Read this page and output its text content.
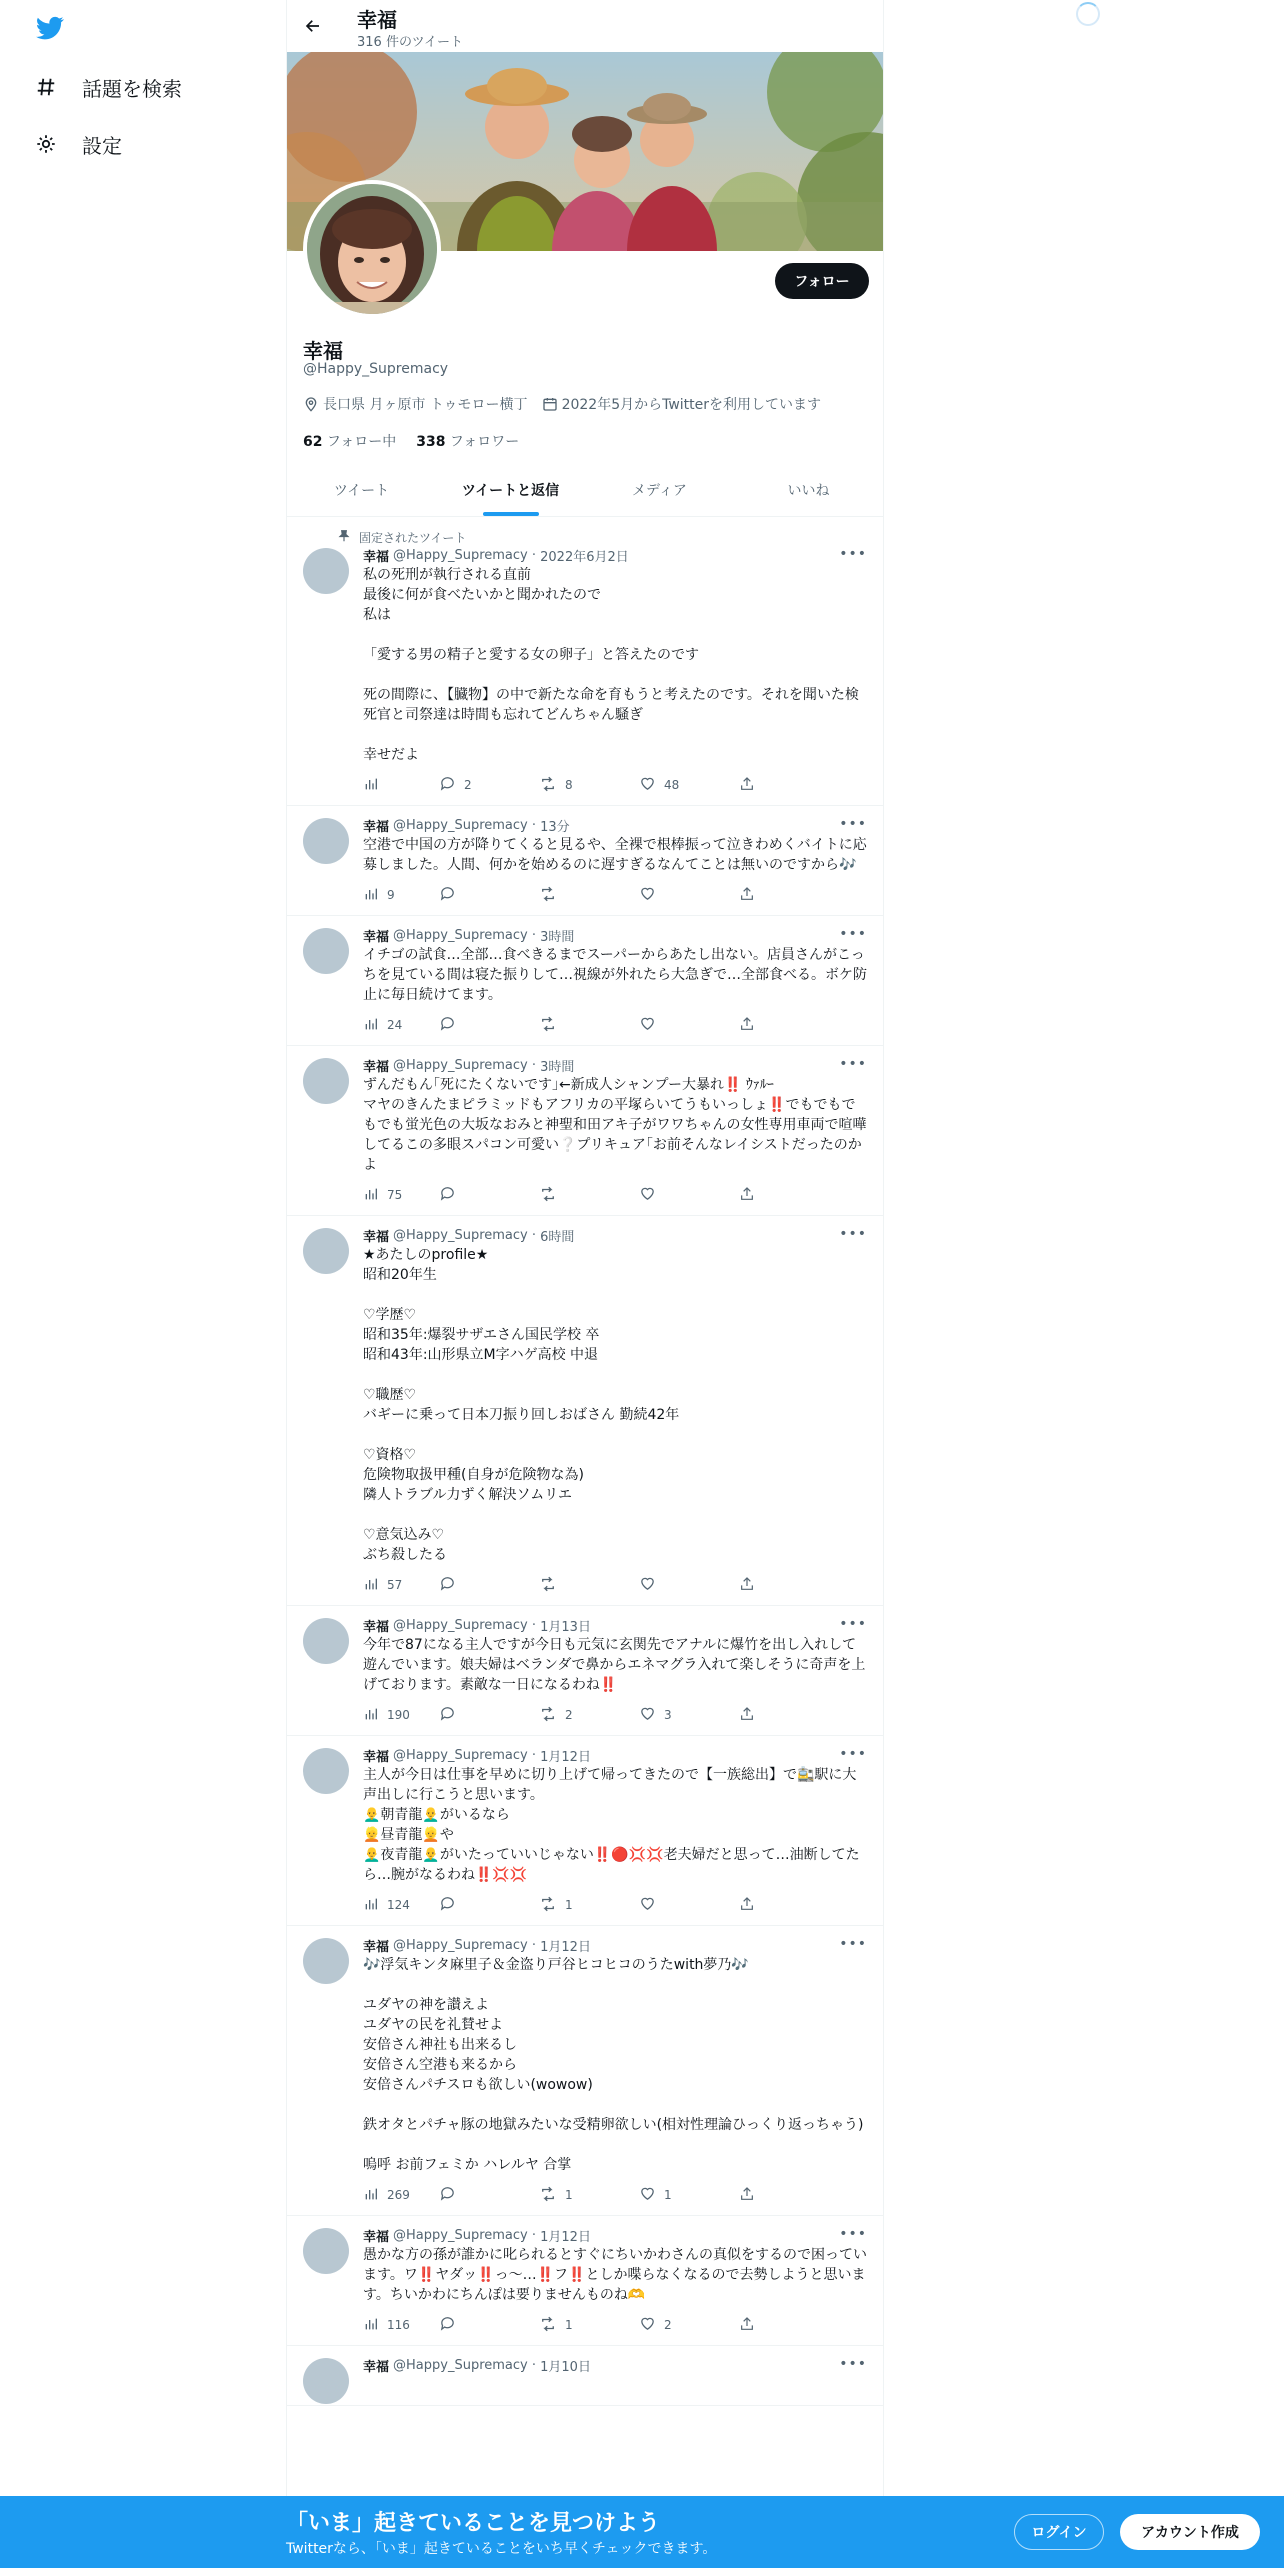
話題を検索
設定
幸福
316 件のツイート
フォロー
幸福
@Happy_Supremacy
長口県 月ヶ原市 トゥモロー横丁 2022年5月からTwitterを利用しています
62 フォロー中 338 フォロワー
ツイート	ツイートと返信	メディア	いいね
固定されたツイート
•••
幸福 @Happy_Supremacy · 2022年6月2日
私の死刑が執行される直前
最後に何が食べたいかと聞かれたので
私は

「愛する男の精子と愛する女の卵子」と答えたのです

死の間際に、【臓物】の中で新たな命を育もうと考えたのです。それを聞いた検死官と司祭達は時間も忘れてどんちゃん騒ぎ

幸せだよ
2	8	48
•••
幸福 @Happy_Supremacy · 13分
空港で中国の方が降りてくると見るや、全裸で根棒振って泣きわめくバイトに応募しました。人間、何かを始めるのに遅すぎるなんてことは無いのですから🎶
9
•••
幸福 @Happy_Supremacy · 3時間
イチゴの試食…全部…食べきるまでスーパーからあたし出ない。店員さんがこっちを見ている間は寝た振りして…視線が外れたら大急ぎで…全部食べる。ボケ防止に毎日続けてます。
24
•••
幸福 @Happy_Supremacy · 3時間
ずんだもん｢死にたくないです｣←新成人シャンプー大暴れ‼️ ｳｧﾙｰ
マヤのきんたまピラミッドもアフリカの平塚らいてうもいっしょ‼️でもでもでもでも蛍光色の大坂なおみと神聖和田アキ子がワワちゃんの女性専用車両で喧嘩してるこの多眼スパコン可愛い❔プリキュア｢お前そんなレイシストだったのかよ
75
•••
幸福 @Happy_Supremacy · 6時間
★あたしのprofile★
昭和20年生

♡学歴♡
昭和35年:爆裂サザエさん国民学校 卒
昭和43年:山形県立M字ハゲ高校 中退

♡職歴♡
バギーに乗って日本刀振り回しおばさん 勤続42年

♡資格♡
危険物取扱甲種(自身が危険物な為)
隣人トラブル力ずく解決ソムリエ

♡意気込み♡
ぶち殺したる
57
•••
幸福 @Happy_Supremacy · 1月13日
今年で87になる主人ですが今日も元気に玄関先でアナルに爆竹を出し入れして遊んでいます。娘夫婦はベランダで鼻からエネマグラ入れて楽しそうに奇声を上げております。素敵な一日になるわね‼️
190	2	3
•••
幸福 @Happy_Supremacy · 1月12日
主人が今日は仕事を早めに切り上げて帰ってきたので【一族総出】で🚉駅に大声出しに行こうと思います。
👨‍🦲朝青龍👨‍🦲がいるなら
👱昼青龍👱や
👨‍🦲夜青龍👨‍🦲がいたっていいじゃない‼️🔴💢💢老夫婦だと思って…油断してたら…腕がなるわね‼️💢💢
124	1
•••
幸福 @Happy_Supremacy · 1月12日
🎶浮気キンタ麻里子＆金盗り戸谷ヒコヒコのうたwith夢乃🎶

ユダヤの神を讃えよ
ユダヤの民を礼賛せよ
安倍さん神社も出来るし
安倍さん空港も来るから
安倍さんパチスロも欲しい(wowow)

鉄オタとパチャ豚の地獄みたいな受精卵欲しい(相対性理論ひっくり返っちゃう)

嗚呼 お前フェミか ハレルヤ 合掌
269	1	1
•••
幸福 @Happy_Supremacy · 1月12日
愚かな方の孫が誰かに叱られるとすぐにちいかわさんの真似をするので困っています。ワ‼️ヤダッ‼️っ〜…‼️フ‼️としか喋らなくなるので去勢しようと思います。ちいかわにちんぽは要りませんものね🫶
116	1	2
•••
幸福 @Happy_Supremacy · 1月10日
「いま」起きていることを見つけよう
Twitterなら、「いま」起きていることをいち早くチェックできます。
ログイン	アカウント作成
